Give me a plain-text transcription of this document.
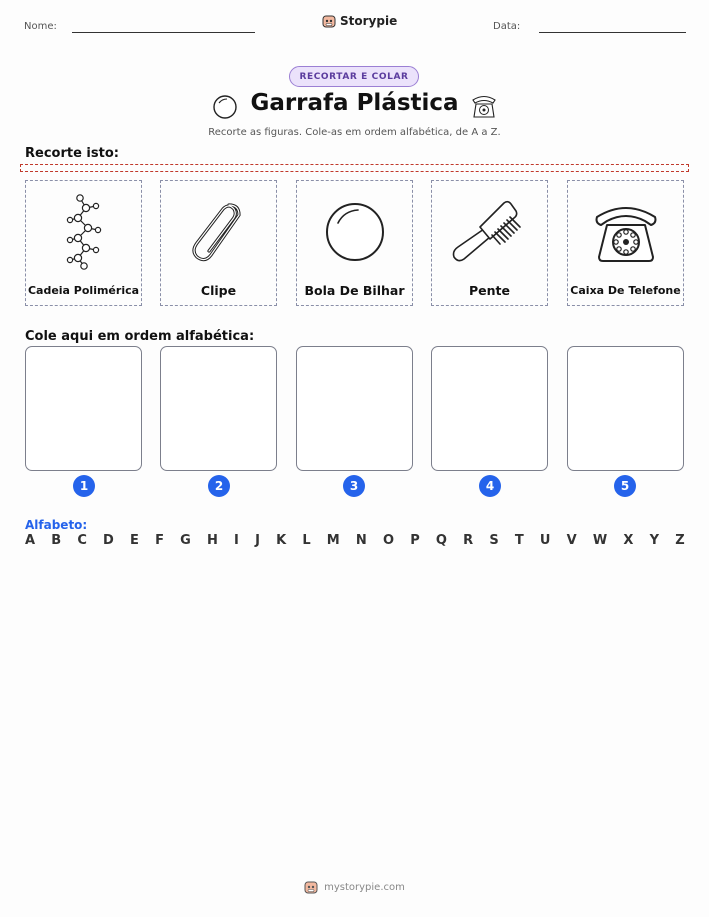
Nome:	Storypie	Data:
RECORTAR E COLAR
Garrafa Plástica
Recorte as figuras. Cole-as em ordem alfabética, de A a Z.
Recorte isto:
Cadeia Polimérica	Clipe	Bola De Bilhar	Pente	Caixa De Telefone
Cole aqui em ordem alfabética:
1	2	3	4	5
Alfabeto:
A B C D E F G H I J K L M N O P Q R S T U V W X Y Z
mystorypie.com
